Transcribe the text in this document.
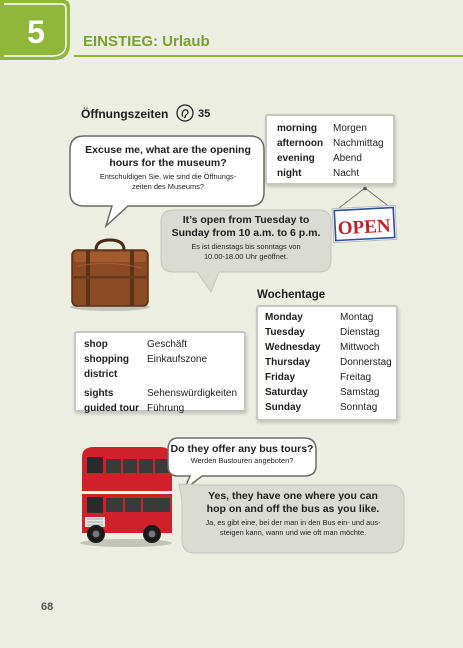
5	EINSTIEG: Urlaub
Öffnungszeiten	35
Excuse me, what are the opening
hours for the museum?
Entschuldigen Sie, wie sind die Öffnungs-
zeiten des Museums?
morning	Morgen
afternoon	Nachmittag
evening	Abend
night	Nacht
OPEN
It’s open from Tuesday to
Sunday from 10 a.m. to 6 p.m.
Es ist dienstags bis sonntags von
10.00-18.00 Uhr geöffnet.
Wochentage
Monday	Montag
Tuesday	Dienstag
Wednesday	Mittwoch
Thursday	Donnerstag
Friday	Freitag
Saturday	Samstag
Sunday	Sonntag
shop	Geschäft
shopping	Einkaufszone
district	
sights	Sehenswürdigkeiten
guided tour	Führung
Do they offer any bus tours?
Werden Bustouren angeboten?
Yes, they have one where you can
hop on and off the bus as you like.
Ja, es gibt eine, bei der man in den Bus ein- und aus-
steigen kann, wann und wie oft man möchte.
68
